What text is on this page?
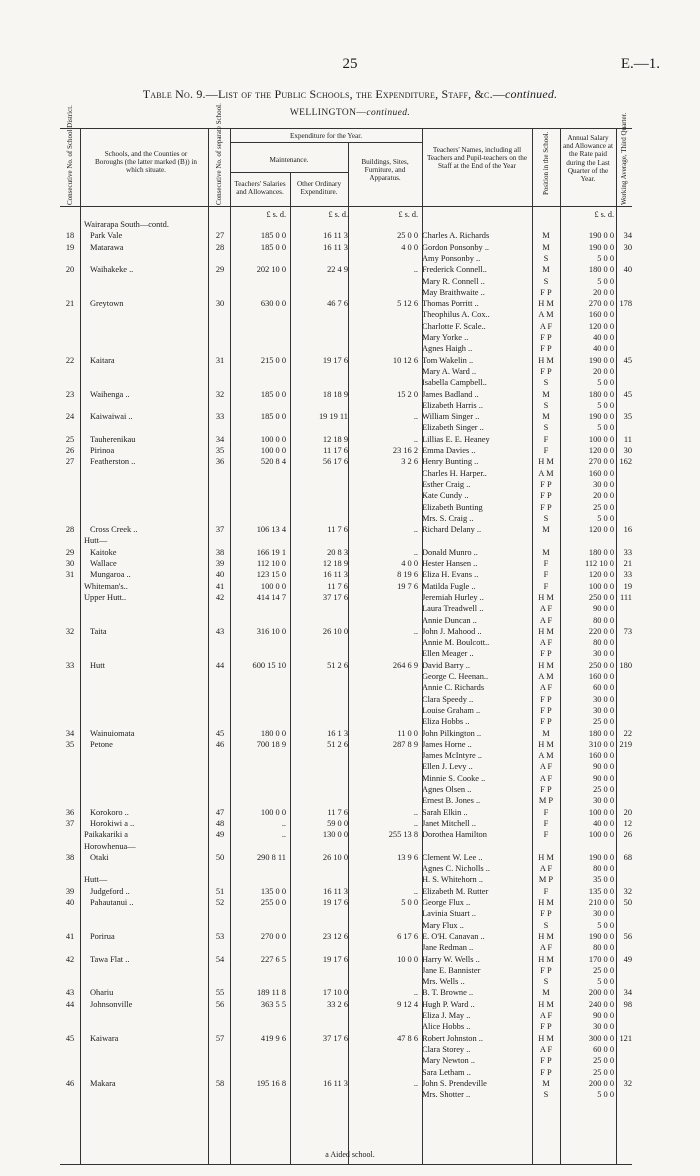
25	E.—1.
Table No. 9.—List of the Public Schools, the Expenditure, Staff, &c.—continued.
WELLINGTON—continued.
Consecutive No. of School District.	Schools, and the Counties or Boroughs (the latter marked (B)) in which situate.	Consecutive No. of separate School.	Expenditure for the Year.
Maintenance.
Teachers' Salaries and Allowances.
Other Ordinary Expenditure.
Buildings, Sites, Furniture, and Apparatus.
Teachers' Names, including all Teachers and Pupil-teachers on the Staff at the End of the Year	Position in the School.	Annual Salary and Allowance at the Rate paid during the Last Quarter of the Year.	Working Average, Third Quarter.
£ s. d.	£ s. d.	£ s. d.	£ s. d.
Wairarapa South—contd.
18	Park Vale	27	185 0 0	16 11 3	25 0 0 Charles A. Richards	M	190 0 0	34
19	Matarawa	28	185 0 0	16 11 3	4 0 0 Gordon Ponsonby ..	M	190 0 0	30
Amy Ponsonby ..	S	5 0 0
20	Waihakeke ..	29	202 10 0	22 4 9	.. Frederick Connell..	M	180 0 0	40
Mary R. Connell ..	S	5 0 0
May Braithwaite ..	F P	20 0 0
21	Greytown	30	630 0 0	46 7 6	5 12 6 Thomas Porritt ..	H M	270 0 0 178
Theophilus A. Cox..	A M	160 0 0
Charlotte F. Scale..	A F	120 0 0
Mary Yorke ..	F P	40 0 0
Agnes Haigh ..	F P	40 0 0
22	Kaitara	31	215 0 0	19 17 6	10 12 6 Tom Wakelin ..	H M	190 0 0	45
Mary A. Ward ..	F P	20 0 0
Isabella Campbell..	S	5 0 0
23	Waihenga ..	32	185 0 0	18 18 9	15 2 0 James Badland ..	M	180 0 0	45
Elizabeth Harris ..	S	5 0 0
24	Kaiwaiwai ..	33	185 0 0	19 19 11	.. William Singer ..	M	190 0 0	35
Elizabeth Singer ..	S	5 0 0
25	Tauherenikau	34	100 0 0	12 18 9	.. Lillias E. E. Heaney	F	100 0 0	11
26	Pirinoa	35	100 0 0	11 17 6	23 16 2 Emma Davies ..	F	120 0 0	30
27	Featherston ..	36	520 8 4	56 17 6	3 2 6 Henry Bunting ..	H M	270 0 0 162
Charles H. Harper..	A M	160 0 0
Esther Craig ..	F P	30 0 0
Kate Cundy ..	F P	20 0 0
Elizabeth Bunting	F P	25 0 0
Mrs. S. Craig ..	S	5 0 0
28	Cross Creek ..	37	106 13 4	11 7 6	.. Richard Delany ..	M	120 0 0	16
Hutt—
29	Kaitoke	38	166 19 1	20 8 3	.. Donald Munro ..	M	180 0 0	33
30	Wallace	39	112 10 0	12 18 9	4 0 0 Hester Hansen ..	F	112 10 0	21
31	Mungaroa ..	40	123 15 0	16 11 3	8 19 6 Eliza H. Evans ..	F	120 0 0	33
Whiteman's..	41	100 0 0	11 7 6	19 7 6 Matilda Fugle ..	F	100 0 0	19
Upper Hutt..	42	414 14 7	37 17 6	Jeremiah Hurley ..	H M	250 0 0 111
Laura Treadwell ..	A F	90 0 0
Annie Duncan ..	A F	80 0 0
32	Taita	43	316 10 0	26 10 0	.. John J. Mahood ..	H M	220 0 0	73
Annie M. Boulcott..	A F	80 0 0
Ellen Meager ..	F P	30 0 0
33	Hutt	44	600 15 10	51 2 6	264 6 9 David Barry ..	H M	250 0 0 180
George C. Heenan..	A M	160 0 0
Annie C. Richards	A F	60 0 0
Clara Speedy ..	F P	30 0 0
Louise Graham ..	F P	30 0 0
Eliza Hobbs ..	F P	25 0 0
34	Wainuiomata	45	180 0 0	16 1 3	11 0 0 John Pilkington ..	M	180 0 0	22
35	Petone	46	700 18 9	51 2 6	287 8 9 James Horne ..	H M	310 0 0 219
James McIntyre ..	A M	160 0 0
Ellen J. Levy ..	A F	90 0 0
Minnie S. Cooke ..	A F	90 0 0
Agnes Olsen ..	F P	25 0 0
Ernest B. Jones ..	M P	30 0 0
36	Korokoro ..	47	100 0 0	11 7 6	.. Sarah Elkin ..	F	100 0 0	20
37	Horokiwi a ..	48	..	59 0 0	.. Janet Mitchell ..	F	40 0 0	12
Paikakariki a	49	..	130 0 0	255 13 8 Dorothea Hamilton	F	100 0 0	26
Horowhenua—
38	Otaki	50	290 8 11	26 10 0	13 9 6 Clement W. Lee ..	H M	190 0 0	68
Agnes C. Nicholls ..	A F	80 0 0
Hutt—	H. S. Whitehorn ..	M P	35 0 0
39	Judgeford ..	51	135 0 0	16 11 3	.. Elizabeth M. Rutter	F	135 0 0	32
40	Pahautanui ..	52	255 0 0	19 17 6	5 0 0 George Flux ..	H M	210 0 0	50
Lavinia Stuart ..	F P	30 0 0
Mary Flux ..	S	5 0 0
41	Porirua	53	270 0 0	23 12 6	6 17 6 E. O'H. Canavan ..	H M	190 0 0	56
Jane Redman ..	A F	80 0 0
42	Tawa Flat ..	54	227 6 5	19 17 6	10 0 0 Harry W. Wells ..	H M	170 0 0	49
Jane E. Bannister	F P	25 0 0
Mrs. Wells ..	S	5 0 0
43	Ohariu	55	189 11 8	17 10 0	.. B. T. Browne ..	M	200 0 0	34
44	Johnsonville	56	363 5 5	33 2 6	9 12 4 Hugh P. Ward ..	H M	240 0 0	98
Eliza J. May ..	A F	90 0 0
Alice Hobbs ..	F P	30 0 0
45	Kaiwara	57	419 9 6	37 17 6	47 8 6 Robert Johnston ..	H M	300 0 0 121
Clara Storey ..	A F	60 0 0
Mary Newton ..	F P	25 0 0
Sara Letham ..	F P	25 0 0
46	Makara	58	195 16 8	16 11 3	.. John S. Prendeville	M	200 0 0	32
Mrs. Shotter ..	S	5 0 0
a Aided school.
